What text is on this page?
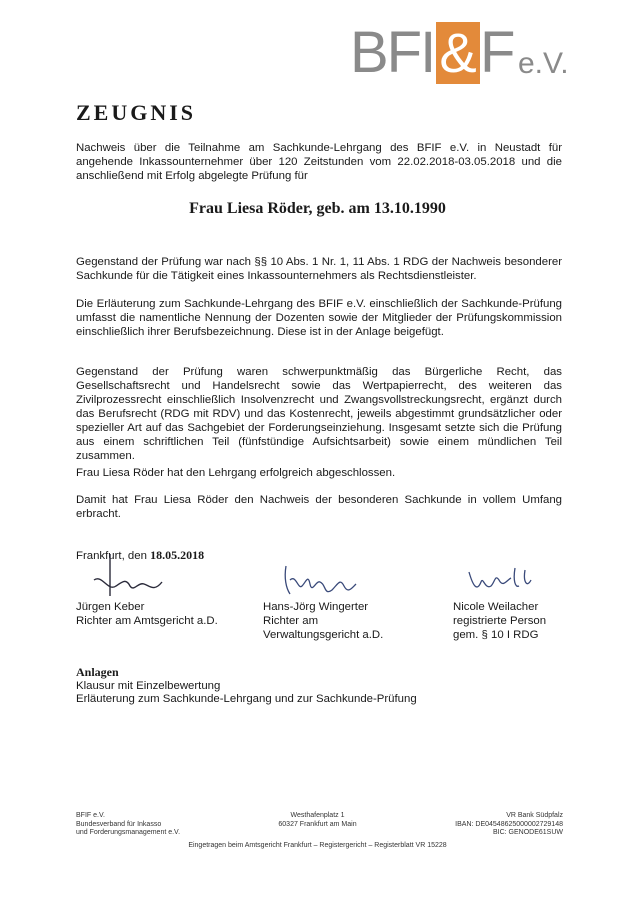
BFI & F e.V.
ZEUGNIS
Nachweis über die Teilnahme am Sachkunde-Lehrgang des BFIF e.V. in Neustadt für angehende Inkassounternehmer über 120 Zeitstunden vom 22.02.2018-03.05.2018 und die anschließend mit Erfolg abgelegte Prüfung für
Frau Liesa Röder, geb. am 13.10.1990
Gegenstand der Prüfung war nach §§ 10 Abs. 1 Nr. 1, 11 Abs. 1 RDG der Nachweis besonderer Sachkunde für die Tätigkeit eines Inkassounternehmers als Rechtsdienstleister.
Die Erläuterung zum Sachkunde-Lehrgang des BFIF e.V. einschließlich der Sachkunde-Prüfung umfasst die namentliche Nennung der Dozenten sowie der Mitglieder der Prüfungskommission einschließlich ihrer Berufsbezeichnung. Diese ist in der Anlage beigefügt.
Gegenstand der Prüfung waren schwerpunktmäßig das Bürgerliche Recht, das Gesellschaftsrecht und Handelsrecht sowie das Wertpapierrecht, des weiteren das Zivilprozessrecht einschließlich Insolvenzrecht und Zwangsvollstreckungsrecht, ergänzt durch das Berufsrecht (RDG mit RDV) und das Kostenrecht, jeweils abgestimmt grundsätzlicher oder spezieller Art auf das Sachgebiet der Forderungseinziehung. Insgesamt setzte sich die Prüfung aus einem schriftlichen Teil (fünfstündige Aufsichtsarbeit) sowie einem mündlichen Teil zusammen.
Frau Liesa Röder hat den Lehrgang erfolgreich abgeschlossen.
Damit hat Frau Liesa Röder den Nachweis der besonderen Sachkunde in vollem Umfang erbracht.
Frankfurt, den 18.05.2018
Jürgen Keber
Richter am Amtsgericht a.D.
Hans-Jörg Wingerter
Richter am
Verwaltungsgericht a.D.
Nicole Weilacher
registrierte Person
gem. § 10 I RDG
Anlagen
Klausur mit Einzelbewertung
Erläuterung zum Sachkunde-Lehrgang und zur Sachkunde-Prüfung
BFIF e.V.
Bundesverband für Inkasso
und Forderungsmanagement e.V.
Westhafenplatz 1
60327 Frankfurt am Main
VR Bank Südpfalz
IBAN: DE04548625000002729148
BIC: GENODE61SUW
Eingetragen beim Amtsgericht Frankfurt – Registergericht – Registerblatt VR 15228
